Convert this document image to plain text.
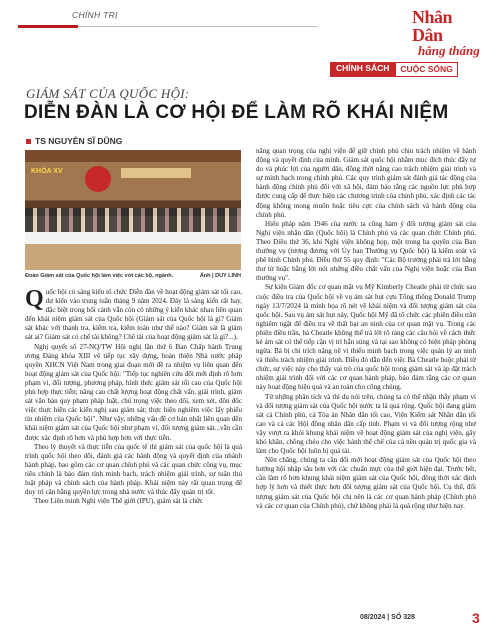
CHÍNH TRỊ	Nhân Dân
hằng tháng
CHÍNH SÁCH	CUỘC SỐNG
GIÁM SÁT CỦA QUỐC HỘI:
DIỄN ĐÀN LÀ CƠ HỘI ĐỂ LÀM RÕ KHÁI NIỆM
TS NGUYỄN SĨ DŨNG
KHÓA XV
Đoàn Giám sát của Quốc hội làm việc với các bộ, ngành.	Ảnh | DUY LINH

Quốc hội có sáng kiến tổ chức Diễn đàn về hoạt động giám sát tối cao, dự kiến vào trung tuần tháng 9 năm 2024. Đây là sáng kiến rất hay, đặc biệt trong bối cảnh vẫn còn có những ý kiến khác nhau liên quan đến khái niệm giám sát của Quốc hội (Giám sát của Quốc hội là gì? Giám sát khác với thanh tra, kiểm tra, kiểm toán như thế nào? Giám sát là giám sát ai? Giám sát có chế tài không? Chế tài của hoạt động giám sát là gì?...).

Nghị quyết số 27-NQ/TW Hội nghị lần thứ 6 Ban Chấp hành Trung ương Đảng khóa XIII về tiếp tục xây dựng, hoàn thiện Nhà nước pháp quyền XHCN Việt Nam trong giai đoạn mới đề ra nhiệm vụ liên quan đến hoạt động giám sát của Quốc hội: "Tiếp tục nghiên cứu đổi mới định rõ hơn phạm vi, đối tượng, phương pháp, hình thức giám sát tối cao của Quốc hội phù hợp thực tiễn; nâng cao chất lượng hoạt động chất vấn, giải trình, giám sát văn bản quy phạm pháp luật, chú trọng việc theo dõi, xem xét, đôn đốc việc thực hiện các kiến nghị sau giám sát; thực hiện nghiêm việc lấy phiếu tín nhiệm của Quốc hội". Như vậy, những vấn đề cơ bản nhất liên quan đến khái niệm giám sát của Quốc hội như phạm vi, đối tượng giám sát...vẫn cần được xác định rõ hơn và phù hợp hơn với thực tiễn.

Theo lý thuyết và thực tiễn của quốc tế thì giám sát của quốc hội là quá trình quốc hội theo dõi, đánh giá các hành động và quyết định của nhánh hành pháp, bao gồm các cơ quan chính phủ và các quan chức công vụ, mục tiêu chính là bảo đảm tính minh bạch, trách nhiệm giải trình, sự tuân thủ luật pháp và chính sách của hành pháp. Khái niệm này rất quan trọng để duy trì cân bằng quyền lực trong nhà nước và thúc đẩy quản trị tốt.

Theo Liên minh Nghị viện Thế giới (IPU), giám sát là chức

năng quan trọng của nghị viện để giữ chính phủ chịu trách nhiệm về hành động và quyết định của mình. Giám sát quốc hội nhằm mục đích thúc đẩy tự do và phúc lợi của người dân, đồng thời nâng cao trách nhiệm giải trình và sự minh bạch trong chính phủ. Các quy trình giám sát đánh giá tác động của hành động chính phủ đối với xã hội, đảm bảo rằng các nguồn lực phù hợp được cung cấp để thực hiện các chương trình của chính phủ, xác định các tác động không mong muốn hoặc tiêu cực của chính sách và hành động của chính phủ.

Hiến pháp năm 1946 của nước ta cũng hàm ý đối tượng giám sát của Nghị viện nhân dân (Quốc hội) là Chính phủ và các quan chức Chính phủ. Theo Điều thứ 36, khi Nghị viện không họp, một trong ba quyền của Ban thường vụ (tương đương với Ủy ban Thường vụ Quốc hội) là kiểm soát và phê bình Chính phủ. Điều thứ 55 quy định: "Các Bộ trưởng phải trả lời bằng thư từ hoặc bằng lời nói những điều chất vấn của Nghị viện hoặc của Ban thường vụ".

Sự kiện Giám đốc cơ quan mật vụ Mỹ Kimberly Cheatle phải từ chức sau cuộc điều tra của Quốc hội về vụ ám sát hụt cựu Tổng thống Donald Trump ngày 13/7/2024 là minh họa rõ nét về khái niệm và đối tượng giám sát của quốc hội. Sau vụ ám sát hụt này, Quốc hội Mỹ đã tổ chức các phiên điều trần nghiêm ngặt để điều tra về thất bại an ninh của cơ quan mật vụ. Trong các phiên điều trần, bà Cheatle không thể trả lời rõ ràng các câu hỏi về cách thức kẻ ám sát có thể tiếp cận vị trí bắn súng và tại sao không có biện pháp phòng ngừa. Bà bị chỉ trích nặng nề vì thiếu minh bạch trong việc quản lý an ninh và thiếu trách nhiệm giải trình. Điều đó dẫn đến việc Bà Cheatle buộc phải từ chức, sự việc này cho thấy vai trò của quốc hội trong giám sát và áp đặt trách nhiệm giải trình đối với các cơ quan hành pháp, bảo đảm rằng các cơ quan này hoạt động hiệu quả và an toàn cho công chúng.

Từ những phân tích và thí dụ nói trên, chúng ta có thể nhận thấy phạm vi và đối tượng giám sát của Quốc hội nước ta là quá rộng. Quốc hội đang giám sát cả Chính phủ, cả Tòa án Nhân dân tối cao, Viện Kiểm sát Nhân dân tối cao và cả các Hội đồng nhân dân cấp tỉnh. Phạm vi và đối tượng rộng như vậy vượt ra khỏi khung khái niệm về hoạt động giám sát của nghị viện, gây khó khăn, chồng chéo cho việc hành thể chế của cả nền quản trị quốc gia và làm cho Quốc hội luôn bị quá tải.

Nên chăng, chúng ta cần đổi mới hoạt động giám sát của Quốc hội theo hướng hội nhập sâu hơn với các chuẩn mực của thế giới hiện đại. Trước hết, cần làm rõ hơn khung khái niệm giám sát của Quốc hội, đồng thời xác định hợp lý hơn và thiết thực hơn đối tượng giám sát của Quốc hội. Cụ thể, đối tượng giám sát của Quốc hội chỉ nên là các cơ quan hành pháp (Chính phủ và các cơ quan của Chính phủ), chứ không phải là quá rộng như hiện nay.

08/2024 | SỐ 328	3
